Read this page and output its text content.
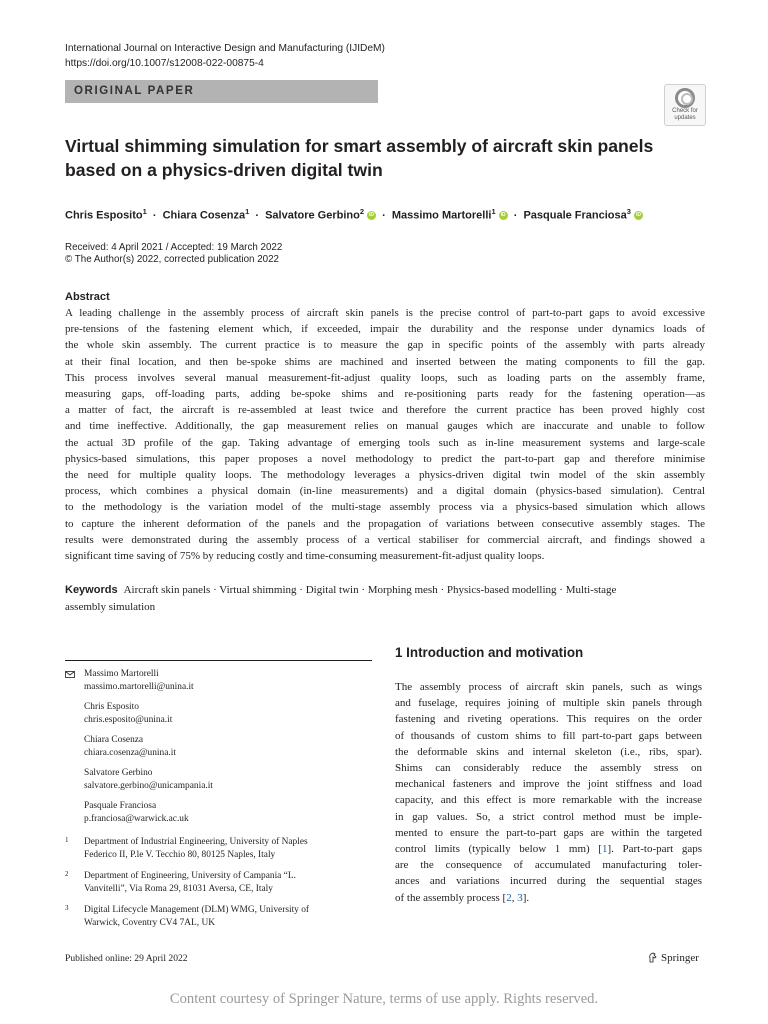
International Journal on Interactive Design and Manufacturing (IJIDeM)
https://doi.org/10.1007/s12008-022-00875-4
ORIGINAL PAPER
Check for
updates
Virtual shimming simulation for smart assembly of aircraft skin panels
based on a physics-driven digital twin
Chris Esposito$^1$ · Chiara Cosenza$^1$ · Salvatore Gerbino$^2$ iD · Massimo Martorelli$^1$ iD · Pasquale Franciosa$^3$ iD
Received: 4 April 2021 / Accepted: 19 March 2022
© The Author(s) 2022, corrected publication 2022
Abstract
A leading challenge in the assembly process of aircraft skin panels is the precise control of part-to-part gaps to avoid excessive
pre-tensions of the fastening element which, if exceeded, impair the durability and the response under dynamics loads of
the whole skin assembly. The current practice is to measure the gap in specific points of the assembly with parts already
at their final location, and then be-spoke shims are machined and inserted between the mating components to fill the gap.
This process involves several manual measurement-fit-adjust quality loops, such as loading parts on the assembly frame,
measuring gaps, off-loading parts, adding be-spoke shims and re-positioning parts ready for the fastening operation—as
a matter of fact, the aircraft is re-assembled at least twice and therefore the current practice has been proved highly cost
and time ineffective. Additionally, the gap measurement relies on manual gauges which are inaccurate and unable to follow
the actual 3D profile of the gap. Taking advantage of emerging tools such as in-line measurement systems and large-scale
physics-based simulations, this paper proposes a novel methodology to predict the part-to-part gap and therefore minimise
the need for multiple quality loops. The methodology leverages a physics-driven digital twin model of the skin assembly
process, which combines a physical domain (in-line measurements) and a digital domain (physics-based simulation). Central
to the methodology is the variation model of the multi-stage assembly process via a physics-based simulation which allows
to capture the inherent deformation of the panels and the propagation of variations between consecutive assembly stages. The
results were demonstrated during the assembly process of a vertical stabiliser for commercial aircraft, and findings showed a
significant time saving of 75% by reducing costly and time-consuming measurement-fit-adjust quality loops.
Keywords Aircraft skin panels · Virtual shimming · Digital twin · Morphing mesh · Physics-based modelling · Multi-stage
assembly simulation
Massimo Martorelli
massimo.martorelli@unina.it
Chris Esposito
chris.esposito@unina.it
Chiara Cosenza
chiara.cosenza@unina.it
Salvatore Gerbino
salvatore.gerbino@unicampania.it
Pasquale Franciosa
p.franciosa@warwick.ac.uk
1 Department of Industrial Engineering, University of Naples
Federico II, P.le V. Tecchio 80, 80125 Naples, Italy
2 Department of Engineering, University of Campania “L.
Vanvitelli”, Via Roma 29, 81031 Aversa, CE, Italy
3 Digital Lifecycle Management (DLM) WMG, University of
Warwick, Coventry CV4 7AL, UK
1 Introduction and motivation
The assembly process of aircraft skin panels, such as wings
and fuselage, requires joining of multiple skin panels through
fastening and riveting operations. This requires on the order
of thousands of custom shims to fill part-to-part gaps between
the deformable skins and internal skeleton (i.e., ribs, spar).
Shims can considerably reduce the assembly stress on
mechanical fasteners and improve the joint stiffness and load
capacity, and this effect is more remarkable with the increase
in gap values. So, a strict control method must be imple-
mented to ensure the part-to-part gaps are within the targeted
control limits (typically below 1 mm) [1]. Part-to-part gaps
are the consequence of accumulated manufacturing toler-
ances and variations incurred during the sequential stages
of the assembly process [2, 3].
Published online: 29 April 2022	Springer
Content courtesy of Springer Nature, terms of use apply. Rights reserved.
